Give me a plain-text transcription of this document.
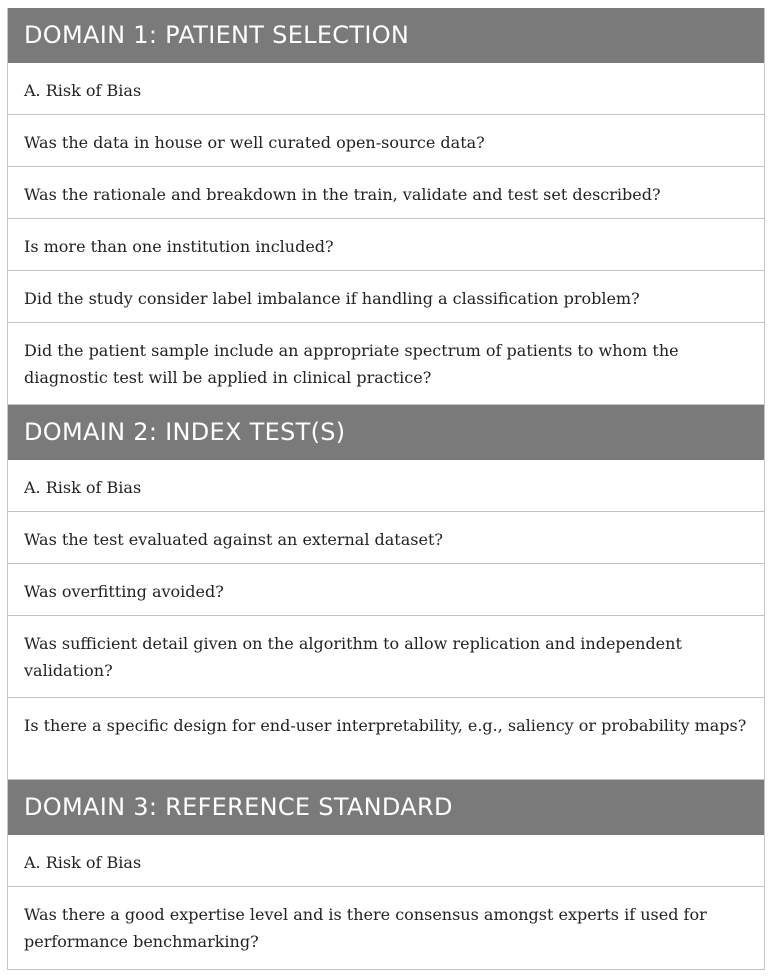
DOMAIN 1: PATIENT SELECTION
A. Risk of Bias
Was the data in house or well curated open-source data?
Was the rationale and breakdown in the train, validate and test set described?
Is more than one institution included?
Did the study consider label imbalance if handling a classification problem?
Did the patient sample include an appropriate spectrum of patients to whom the diagnostic test will be applied in clinical practice?
DOMAIN 2: INDEX TEST(S)
A. Risk of Bias
Was the test evaluated against an external dataset?
Was overfitting avoided?
Was sufficient detail given on the algorithm to allow replication and independent validation?
Is there a specific design for end-user interpretability, e.g., saliency or probability maps?
DOMAIN 3: REFERENCE STANDARD
A. Risk of Bias
Was there a good expertise level and is there consensus amongst experts if used for performance benchmarking?
